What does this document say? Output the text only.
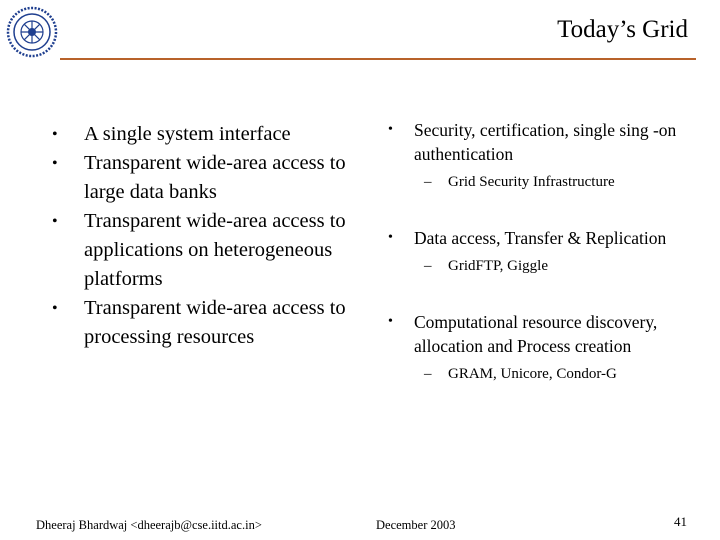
Today’s Grid
• A single system interface
• Transparent wide-area access to large data banks
• Transparent wide-area access to applications on heterogeneous platforms
• Transparent wide-area access to processing resources
• Security, certification, single sing -on authentication
– Grid Security Infrastructure
• Data access, Transfer & Replication
– GridFTP, Giggle
• Computational resource discovery, allocation and Process creation
– GRAM, Unicore, Condor-G
Dheeraj Bhardwaj <dheerajb@cse.iitd.ac.in>	December 2003	41
